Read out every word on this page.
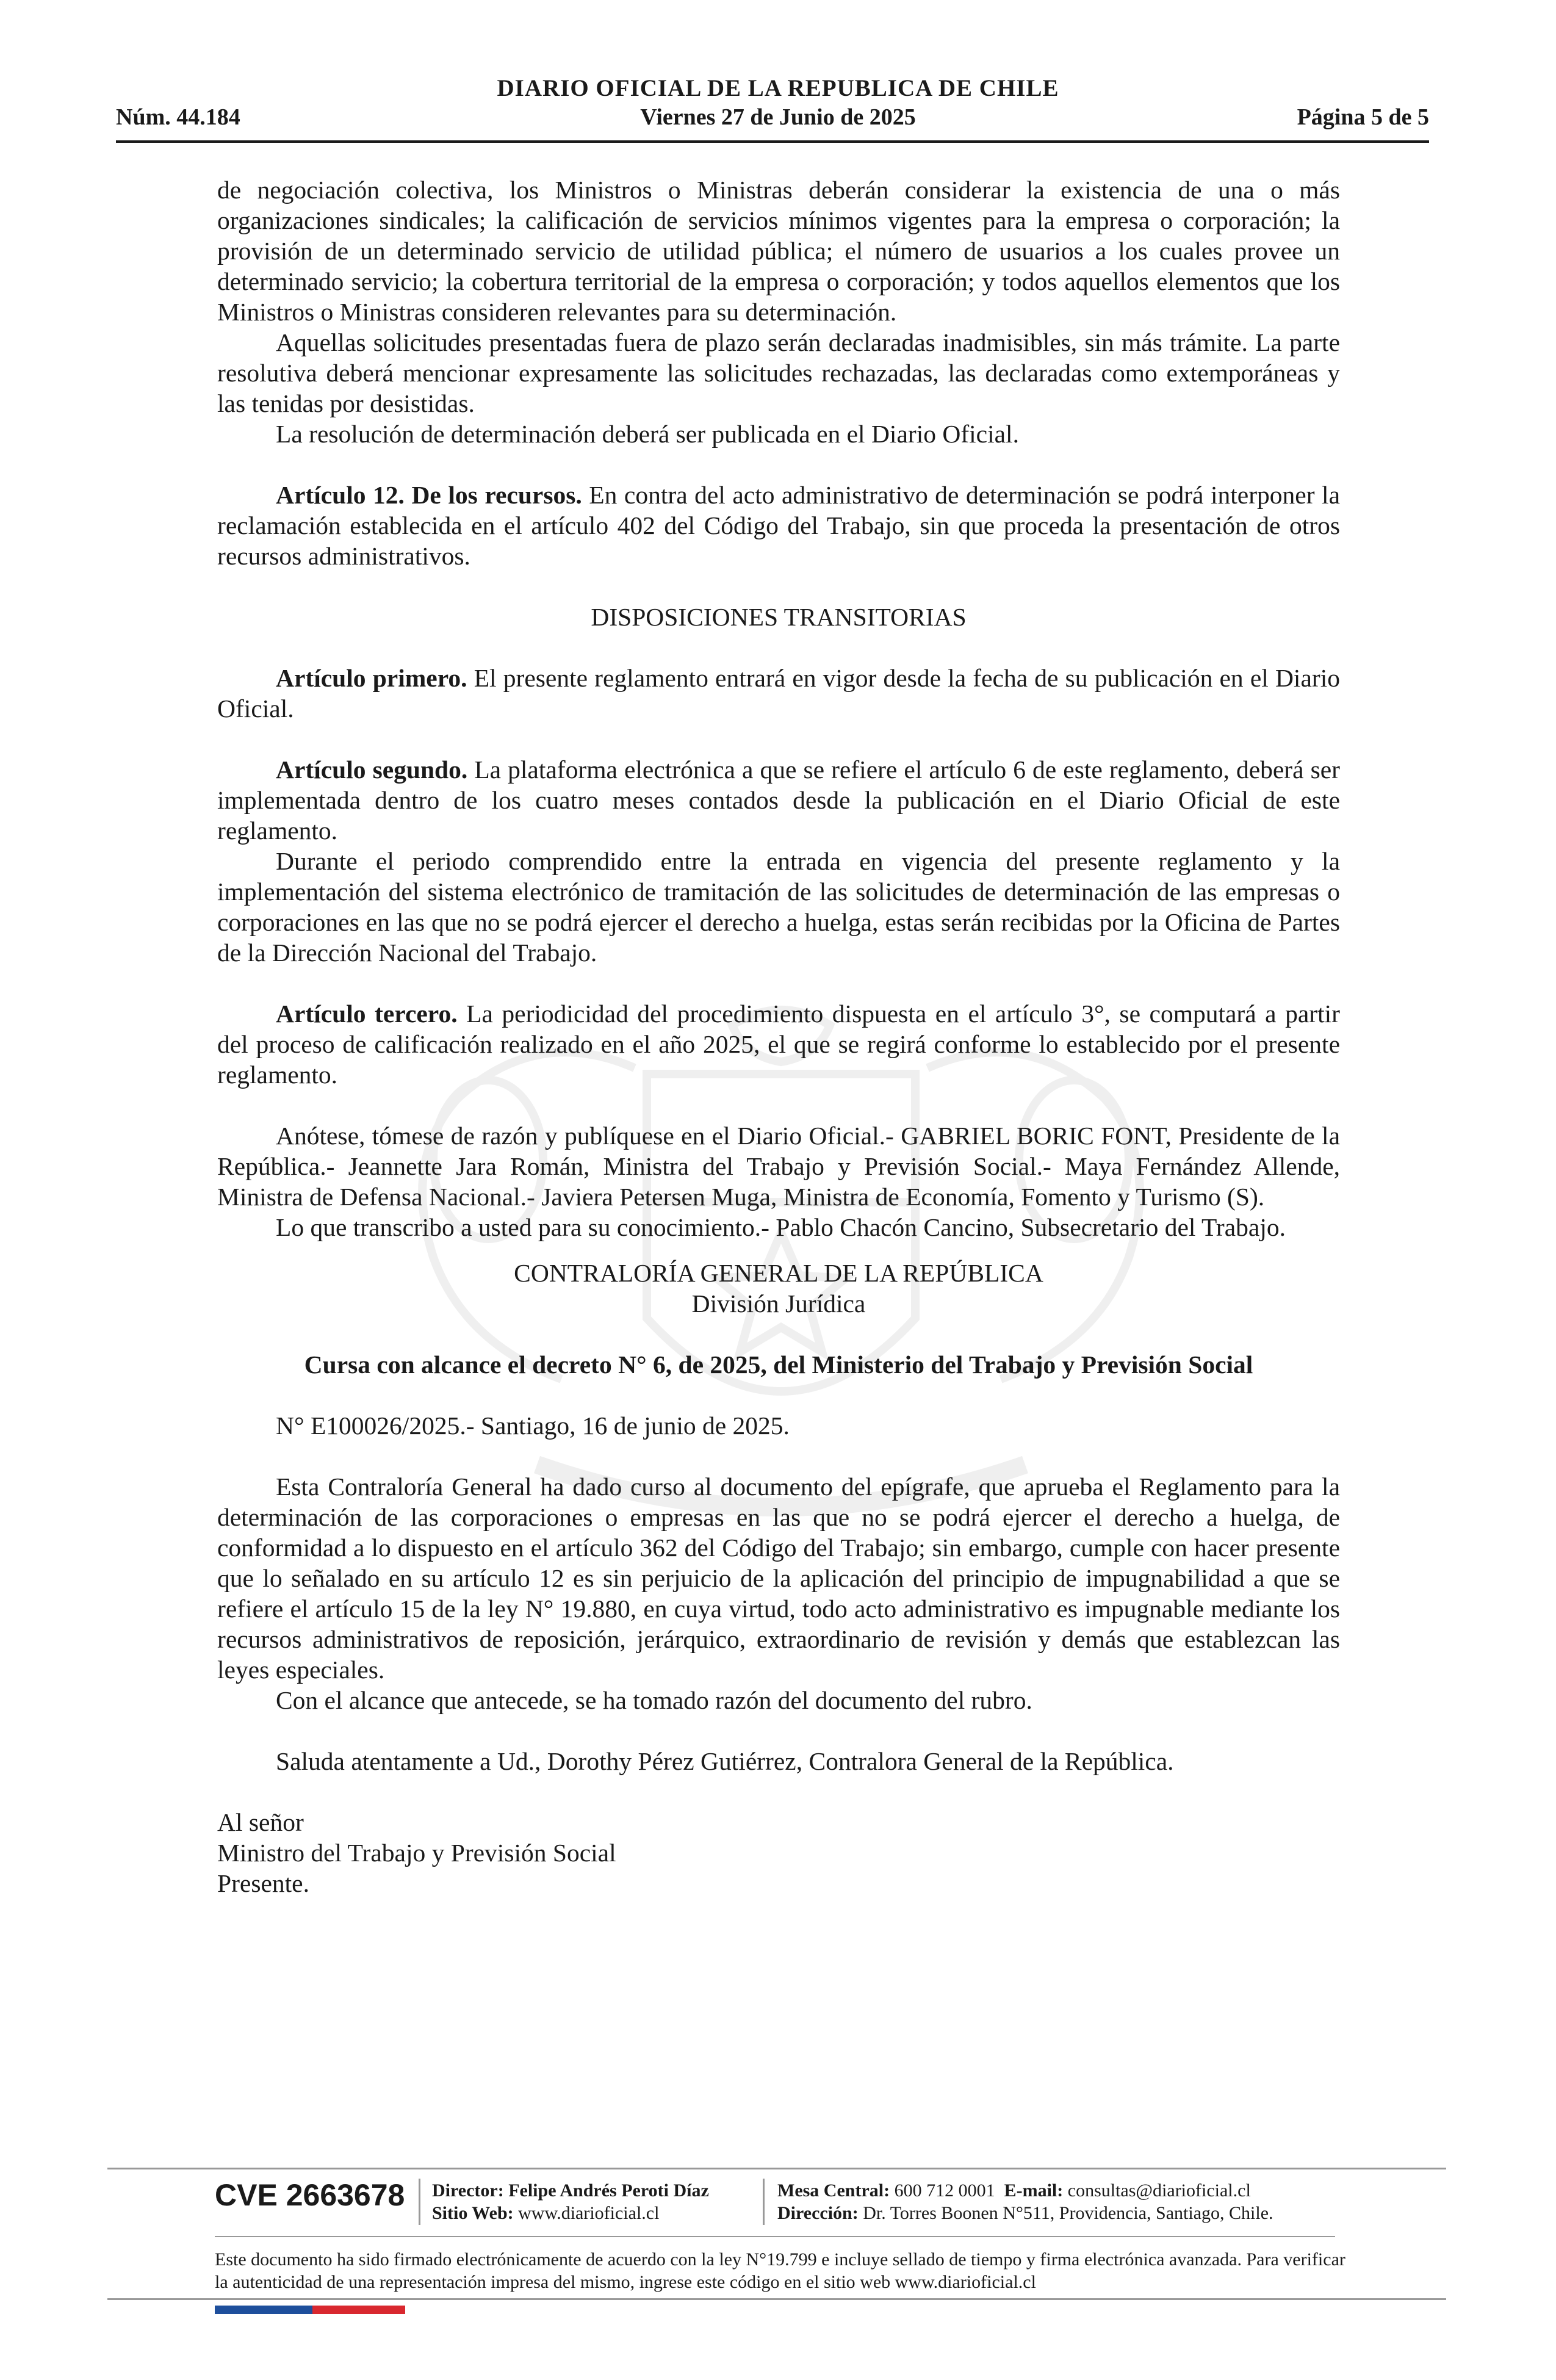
DIARIO OFICIAL DE LA REPUBLICA DE CHILE
Núm. 44.184	Viernes 27 de Junio de 2025	Página 5 de 5

de negociación colectiva, los Ministros o Ministras deberán considerar la existencia de una o más organizaciones sindicales; la calificación de servicios mínimos vigentes para la empresa o corporación; la provisión de un determinado servicio de utilidad pública; el número de usuarios a los cuales provee un determinado servicio; la cobertura territorial de la empresa o corporación; y todos aquellos elementos que los Ministros o Ministras consideren relevantes para su determinación.

Aquellas solicitudes presentadas fuera de plazo serán declaradas inadmisibles, sin más trámite. La parte resolutiva deberá mencionar expresamente las solicitudes rechazadas, las declaradas como extemporáneas y las tenidas por desistidas.

La resolución de determinación deberá ser publicada en el Diario Oficial.

Artículo 12. De los recursos. En contra del acto administrativo de determinación se podrá interponer la reclamación establecida en el artículo 402 del Código del Trabajo, sin que proceda la presentación de otros recursos administrativos.

DISPOSICIONES TRANSITORIAS

Artículo primero. El presente reglamento entrará en vigor desde la fecha de su publicación en el Diario Oficial.

Artículo segundo. La plataforma electrónica a que se refiere el artículo 6 de este reglamento, deberá ser implementada dentro de los cuatro meses contados desde la publicación en el Diario Oficial de este reglamento.

Durante el periodo comprendido entre la entrada en vigencia del presente reglamento y la implementación del sistema electrónico de tramitación de las solicitudes de determinación de las empresas o corporaciones en las que no se podrá ejercer el derecho a huelga, estas serán recibidas por la Oficina de Partes de la Dirección Nacional del Trabajo.

Artículo tercero. La periodicidad del procedimiento dispuesta en el artículo 3°, se computará a partir del proceso de calificación realizado en el año 2025, el que se regirá conforme lo establecido por el presente reglamento.

Anótese, tómese de razón y publíquese en el Diario Oficial.- GABRIEL BORIC FONT, Presidente de la República.- Jeannette Jara Román, Ministra del Trabajo y Previsión Social.- Maya Fernández Allende, Ministra de Defensa Nacional.- Javiera Petersen Muga, Ministra de Economía, Fomento y Turismo (S).

Lo que transcribo a usted para su conocimiento.- Pablo Chacón Cancino, Subsecretario del Trabajo.

CONTRALORÍA GENERAL DE LA REPÚBLICA

División Jurídica

Cursa con alcance el decreto N° 6, de 2025, del Ministerio del Trabajo y Previsión Social

N° E100026/2025.- Santiago, 16 de junio de 2025.

Esta Contraloría General ha dado curso al documento del epígrafe, que aprueba el Reglamento para la determinación de las corporaciones o empresas en las que no se podrá ejercer el derecho a huelga, de conformidad a lo dispuesto en el artículo 362 del Código del Trabajo; sin embargo, cumple con hacer presente que lo señalado en su artículo 12 es sin perjuicio de la aplicación del principio de impugnabilidad a que se refiere el artículo 15 de la ley N° 19.880, en cuya virtud, todo acto administrativo es impugnable mediante los recursos administrativos de reposición, jerárquico, extraordinario de revisión y demás que establezcan las leyes especiales.

Con el alcance que antecede, se ha tomado razón del documento del rubro.

Saluda atentamente a Ud., Dorothy Pérez Gutiérrez, Contralora General de la República.

Al señor

Ministro del Trabajo y Previsión Social

Presente.

CVE 2663678 Director: Felipe Andrés Peroti Díaz
Sitio Web: www.diarioficial.cl
Mesa Central: 600 712 0001 E-mail: consultas@diarioficial.cl
Dirección: Dr. Torres Boonen N°511, Providencia, Santiago, Chile.
Este documento ha sido firmado electrónicamente de acuerdo con la ley N°19.799 e incluye sellado de tiempo y firma electrónica avanzada. Para verificar la autenticidad de una representación impresa del mismo, ingrese este código en el sitio web www.diarioficial.cl
